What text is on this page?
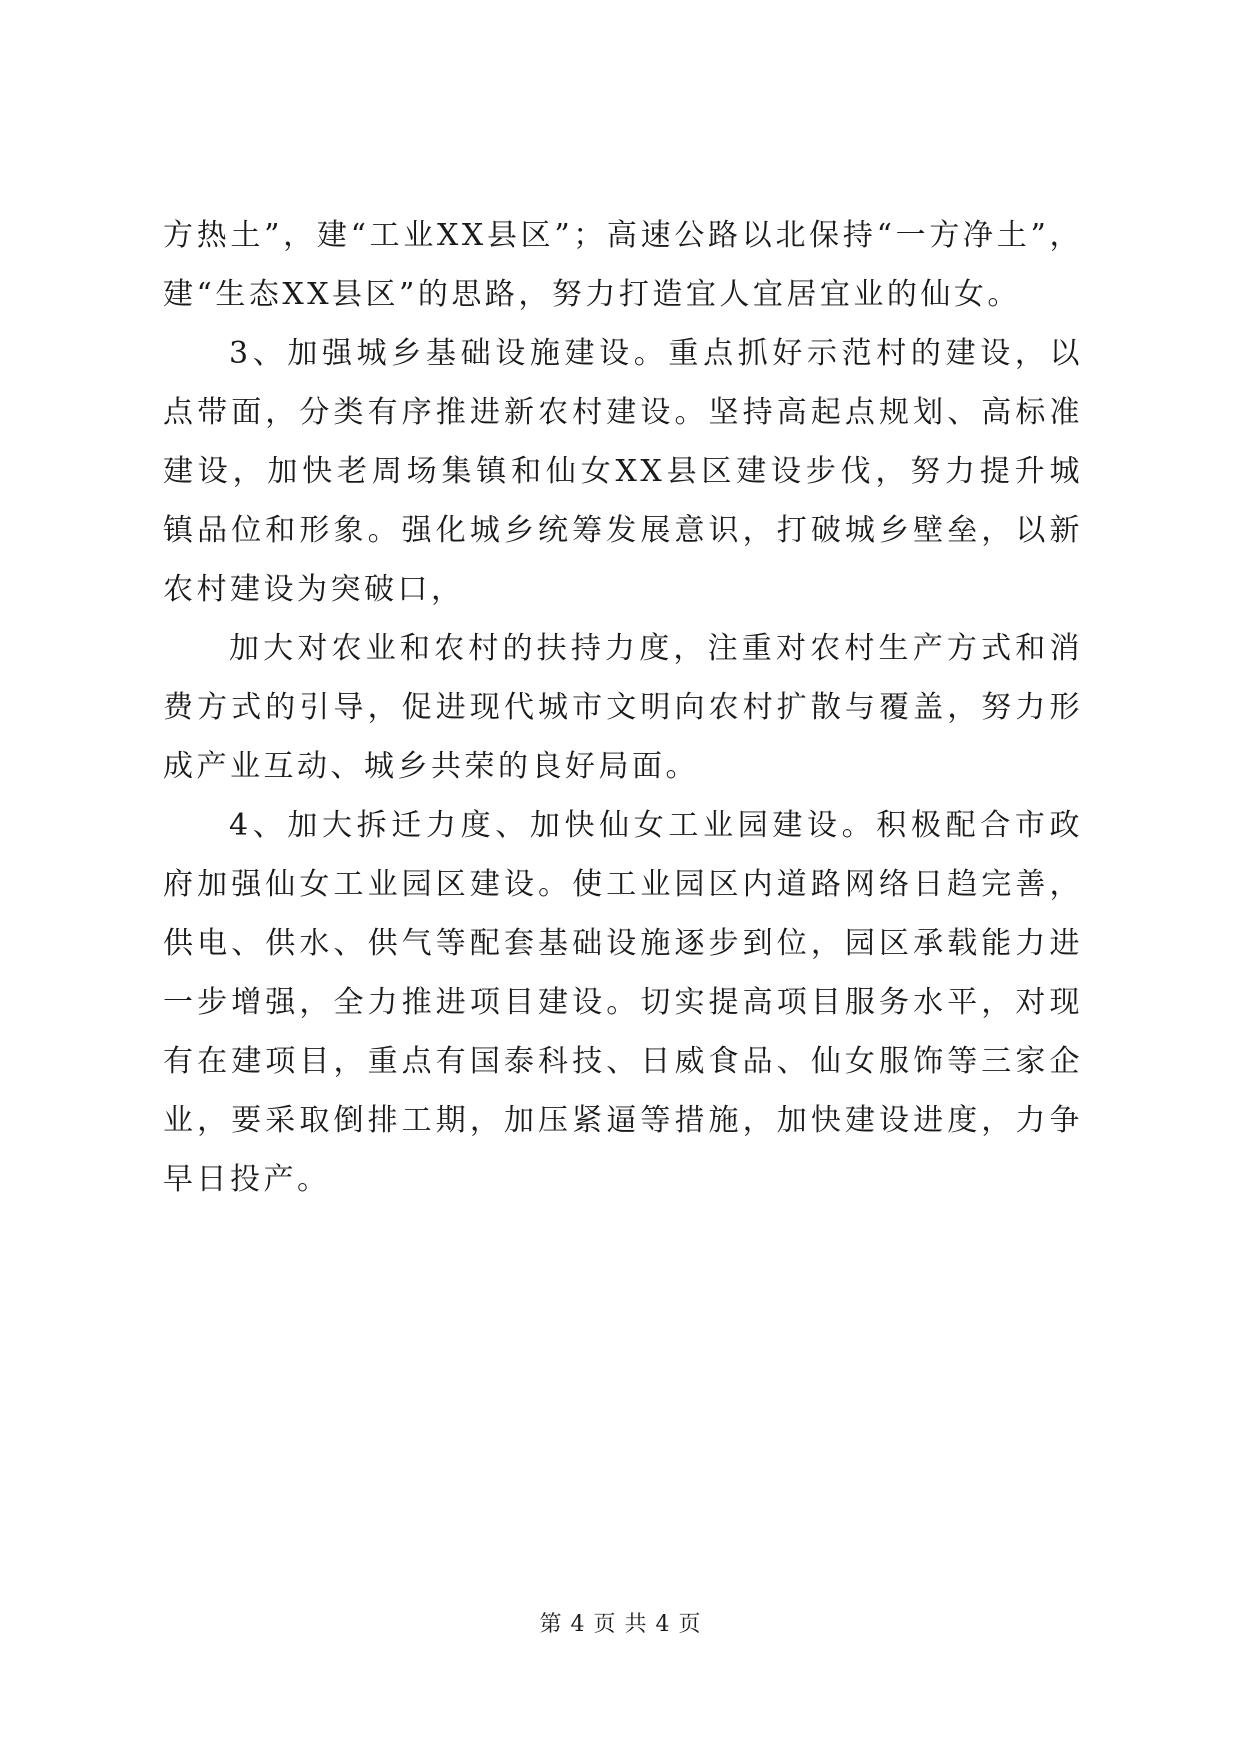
方热土”，建“工业XX县区”；高速公路以北保持“一方净土”，建“生态XX县区”的思路，努力打造宜人宜居宜业的仙女。

3、加强城乡基础设施建设。重点抓好示范村的建设，以点带面，分类有序推进新农村建设。坚持高起点规划、高标准建设，加快老周场集镇和仙女XX县区建设步伐，努力提升城镇品位和形象。强化城乡统筹发展意识，打破城乡壁垒，以新农村建设为突破口，

加大对农业和农村的扶持力度，注重对农村生产方式和消费方式的引导，促进现代城市文明向农村扩散与覆盖，努力形成产业互动、城乡共荣的良好局面。

4、加大拆迁力度、加快仙女工业园建设。积极配合市政府加强仙女工业园区建设。使工业园区内道路网络日趋完善，供电、供水、供气等配套基础设施逐步到位，园区承载能力进一步增强，全力推进项目建设。切实提高项目服务水平，对现有在建项目，重点有国泰科技、日威食品、仙女服饰等三家企业，要采取倒排工期，加压紧逼等措施，加快建设进度，力争早日投产。

第 4 页 共 4 页
